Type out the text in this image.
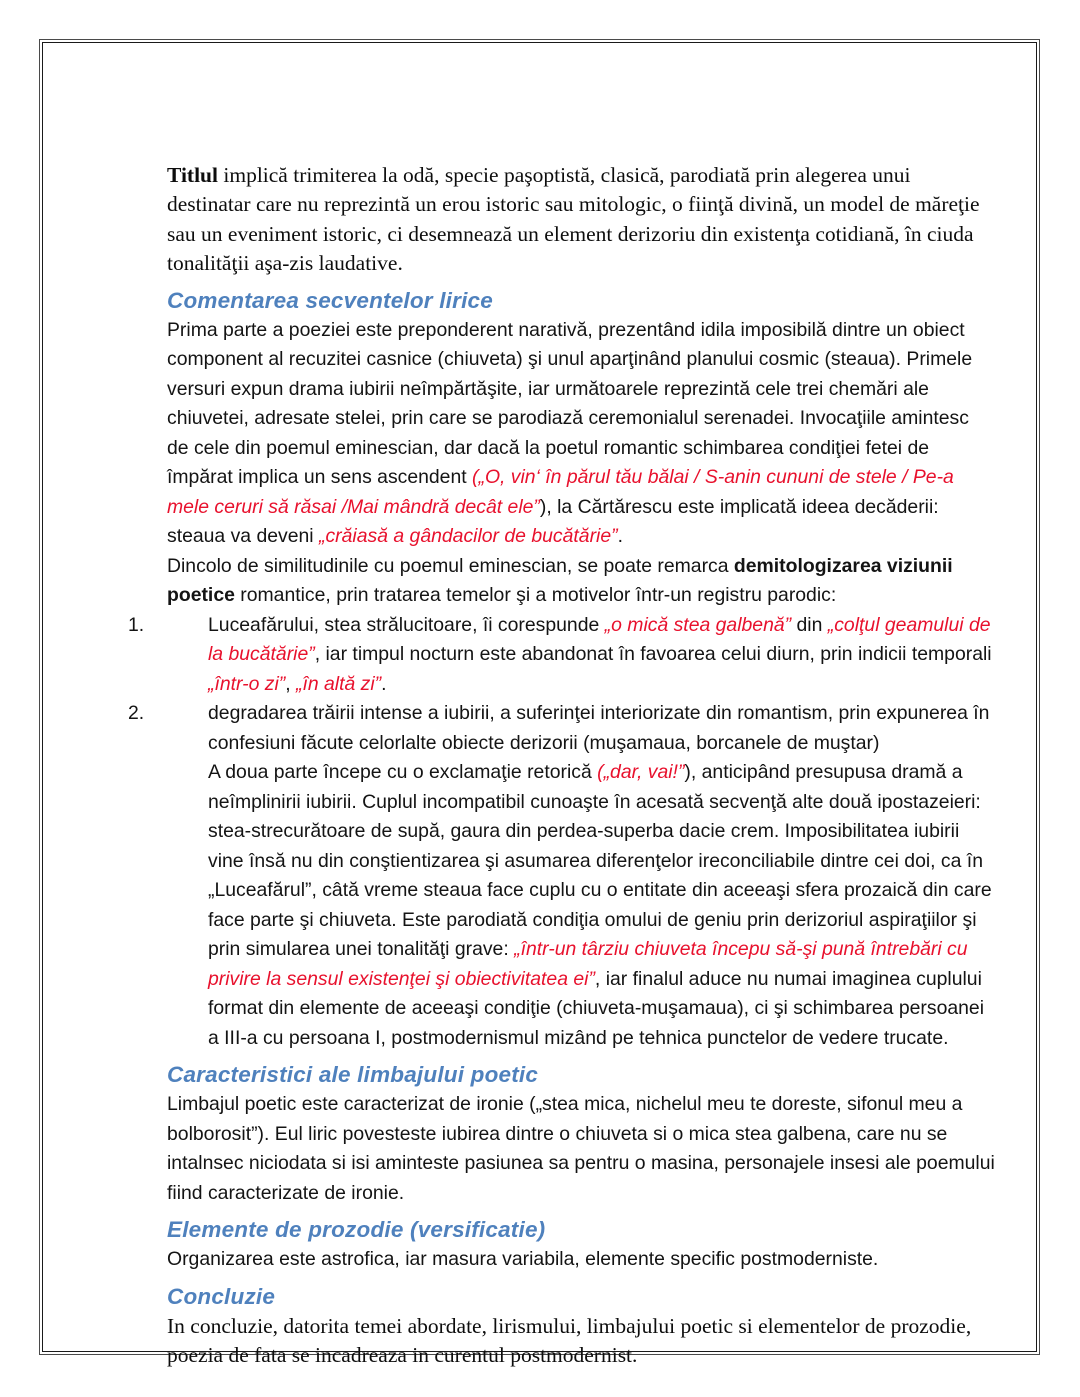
Titlul implică trimiterea la odă, specie paşoptistă, clasică, parodiată prin alegerea unui destinatar care nu reprezintă un erou istoric sau mitologic, o fiinţă divină, un model de măreţie sau un eveniment istoric, ci desemnează un element derizoriu din existenţa cotidiană, în ciuda tonalităţii aşa-zis laudative.

Comentarea secventelor lirice

Prima parte a poeziei este preponderent narativă, prezentând idila imposibilă dintre un obiect component al recuzitei casnice (chiuveta) şi unul aparţinând planului cosmic (steaua). Primele versuri expun drama iubirii neîmpărtăşite, iar următoarele reprezintă cele trei chemări ale chiuvetei, adresate stelei, prin care se parodiază ceremonialul serenadei. Invocaţiile amintesc de cele din poemul eminescian, dar dacă la poetul romantic schimbarea condiţiei fetei de împărat implica un sens ascendent („O, vin‘ în părul tău bălai / S-anin cununi de stele / Pe-a mele ceruri să răsai /Mai mândră decât ele”), la Cărtărescu este implicată ideea decăderii: steaua va deveni „crăiasă a gândacilor de bucătărie”.

Dincolo de similitudinile cu poemul eminescian, se poate remarca demitologizarea viziunii poetice romantice, prin tratarea temelor şi a motivelor într-un registru parodic:

1.	Luceafărului, stea strălucitoare, îi corespunde „o mică stea galbenă” din „colţul geamului de la bucătărie”, iar timpul nocturn este abandonat în favoarea celui diurn, prin indicii temporali „într-o zi”, „în altă zi”.
2.	degradarea trăirii intense a iubirii, a suferinţei interiorizate din romantism, prin expunerea în confesiuni făcute celorlalte obiecte derizorii (muşamaua, borcanele de muştar)
A doua parte începe cu o exclamaţie retorică („dar, vai!”), anticipând presupusa dramă a neîmplinirii iubirii. Cuplul incompatibil cunoaşte în acesată secvenţă alte două ipostazeieri: stea-strecurătoare de supă, gaura din perdea-superba dacie crem. Imposibilitatea iubirii vine însă nu din conştientizarea şi asumarea diferenţelor ireconciliabile dintre cei doi, ca în „Luceafărul”, câtă vreme steaua face cuplu cu o entitate din aceeaşi sfera prozaică din care face parte şi chiuveta. Este parodiată condiţia omului de geniu prin derizoriul aspiraţiilor şi prin simularea unei tonalităţi grave: „într-un târziu chiuveta începu să-şi pună întrebări cu privire la sensul existenţei şi obiectivitatea ei”, iar finalul aduce nu numai imaginea cuplului format din elemente de aceeaşi condiţie (chiuveta-muşamaua), ci şi schimbarea persoanei a III-a cu persoana I, postmodernismul mizând pe tehnica punctelor de vedere trucate.
Caracteristici ale limbajului poetic

Limbajul poetic este caracterizat de ironie („stea mica, nichelul meu te doreste, sifonul meu a bolborosit”). Eul liric povesteste iubirea dintre o chiuveta si o mica stea galbena, care nu se intalnsec niciodata si isi aminteste pasiunea sa pentru o masina, personajele insesi ale poemului fiind caracterizate de ironie.

Elemente de prozodie (versificatie)

Organizarea este astrofica, iar masura variabila, elemente specific postmoderniste.

Concluzie

In concluzie, datorita temei abordate, lirismului, limbajului poetic si elementelor de prozodie, poezia de fata se incadreaza in curentul postmodernist.
